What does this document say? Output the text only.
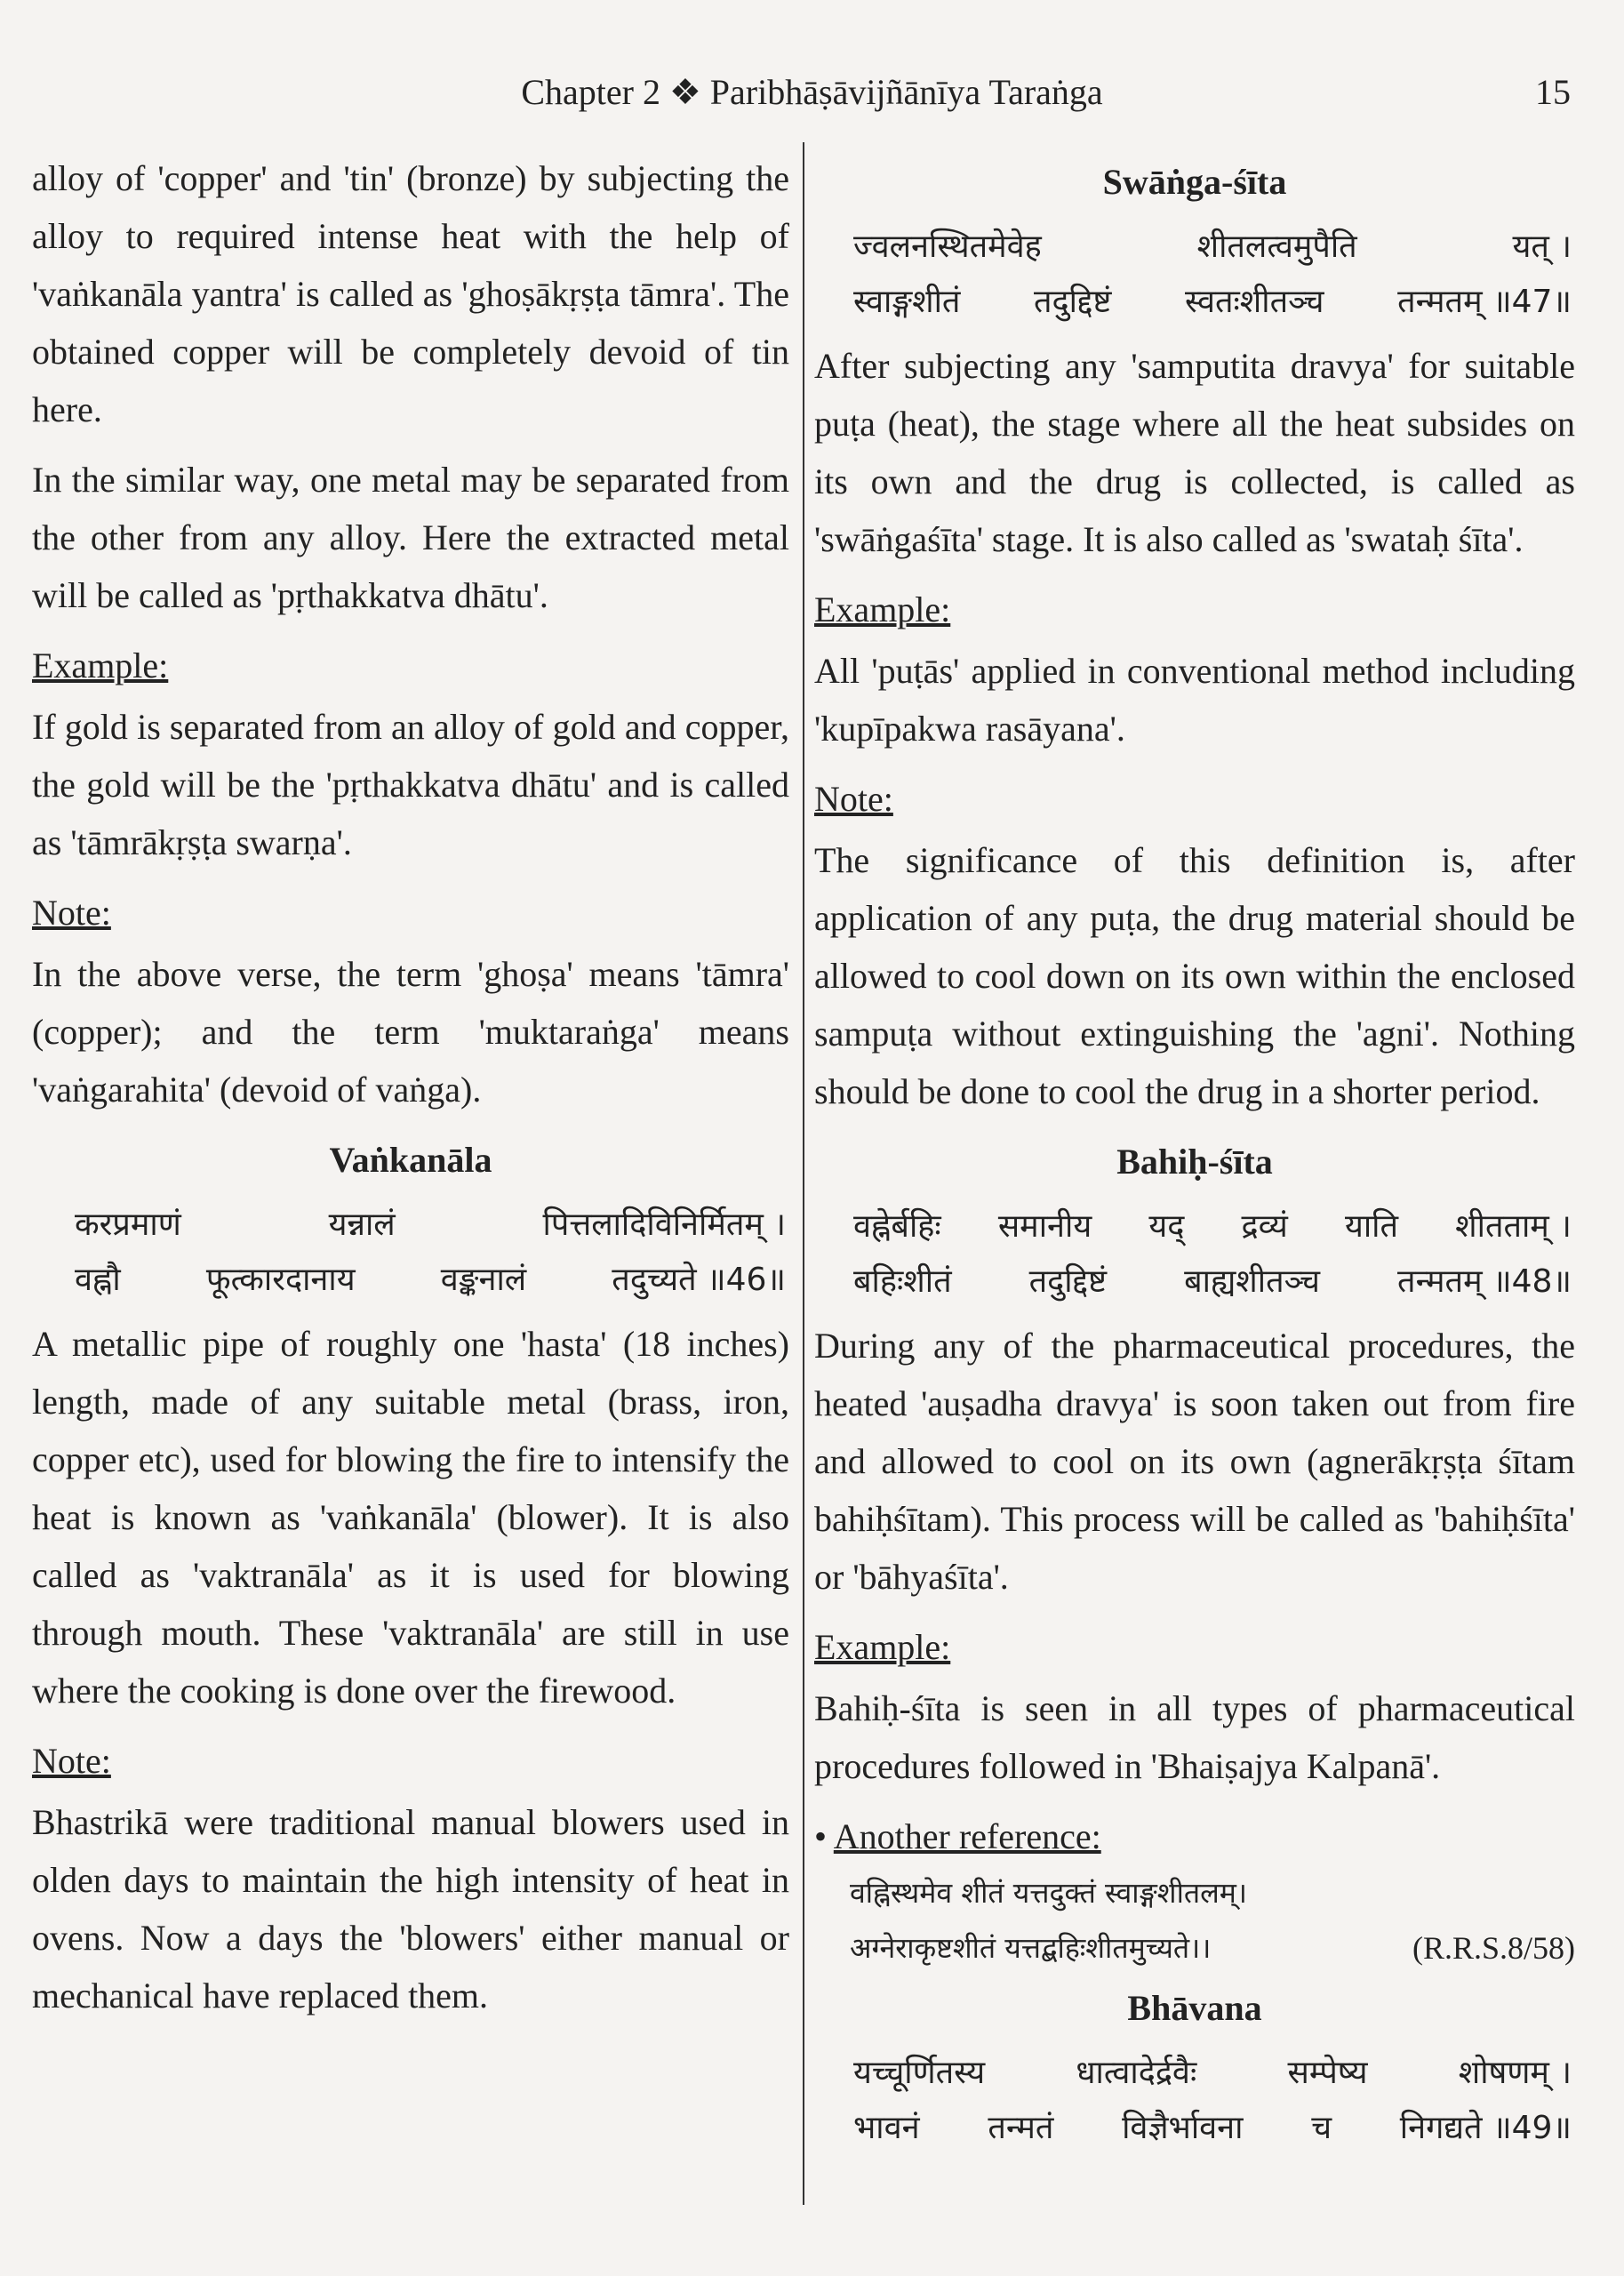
Chapter 2 ❖ Paribhāṣāvijñānīya Taraṅga	15

alloy of 'copper' and 'tin' (bronze) by subjecting the alloy to required intense heat with the help of 'vaṅkanāla yantra' is called as 'ghoṣākṛṣṭa tāmra'. The obtained copper will be completely devoid of tin here.

In the similar way, one metal may be separated from the other from any alloy. Here the extracted metal will be called as 'pṛthakkatva dhātu'.

Example:

If gold is separated from an alloy of gold and copper, the gold will be the 'pṛthakkatva dhātu' and is called as 'tāmrākṛṣṭa swarṇa'.

Note:

In the above verse, the term 'ghoṣa' means 'tāmra' (copper); and the term 'muktaraṅga' means 'vaṅgarahita' (devoid of vaṅga).

Vaṅkanāla
करप्रमाणं	यन्नालं	पित्तलादिविनिर्मितम् ।
वह्नौ	फूत्कारदानाय	वङ्कनालं	तदुच्यते ॥46॥

A metallic pipe of roughly one 'hasta' (18 inches) length, made of any suitable metal (brass, iron, copper etc), used for blowing the fire to intensify the heat is known as 'vaṅkanāla' (blower). It is also called as 'vaktranāla' as it is used for blowing through mouth. These 'vaktranāla' are still in use where the cooking is done over the firewood.

Note:

Bhastrikā were traditional manual blowers used in olden days to maintain the high intensity of heat in ovens. Now a days the 'blowers' either manual or mechanical have replaced them.

Swāṅga-śīta
ज्वलनस्थितमेवेह	शीतलत्वमुपैति	यत् ।
स्वाङ्गशीतं तदुद्दिष्टं स्वतःशीतञ्च तन्मतम् ॥47॥

After subjecting any 'samputita dravya' for suitable puṭa (heat), the stage where all the heat subsides on its own and the drug is collected, is called as 'swāṅgaśīta' stage. It is also called as 'swataḥ śīta'.

Example:

All 'puṭās' applied in conventional method including 'kupīpakwa rasāyana'.

Note:

The significance of this definition is, after application of any puṭa, the drug material should be allowed to cool down on its own within the enclosed sampuṭa without extinguishing the 'agni'. Nothing should be done to cool the drug in a shorter period.

Bahiḥ-śīta
वह्नेर्बहिः समानीय यद् द्रव्यं याति शीतताम् ।
बहिःशीतं तदुद्दिष्टं बाह्यशीतञ्च तन्मतम् ॥48॥

During any of the pharmaceutical procedures, the heated 'auṣadha dravya' is soon taken out from fire and allowed to cool on its own (agnerākṛṣṭa śītam bahiḥśītam). This process will be called as 'bahiḥśīta' or 'bāhyaśīta'.

Example:

Bahiḥ-śīta is seen in all types of pharmaceutical procedures followed in 'Bhaiṣajya Kalpanā'.

• Another reference:
वह्निस्थमेव शीतं यत्तदुक्तं स्वाङ्गशीतलम्।
अग्नेराकृष्टशीतं यत्तद्बहिःशीतमुच्यते।।	(R.R.S.8/58)
Bhāvana
यच्चूर्णितस्य	धात्वादेर्द्रवैः	सम्पेष्य	शोषणम् ।
भावनं तन्मतं विज्ञैर्भावना च निगद्यते ॥49॥
